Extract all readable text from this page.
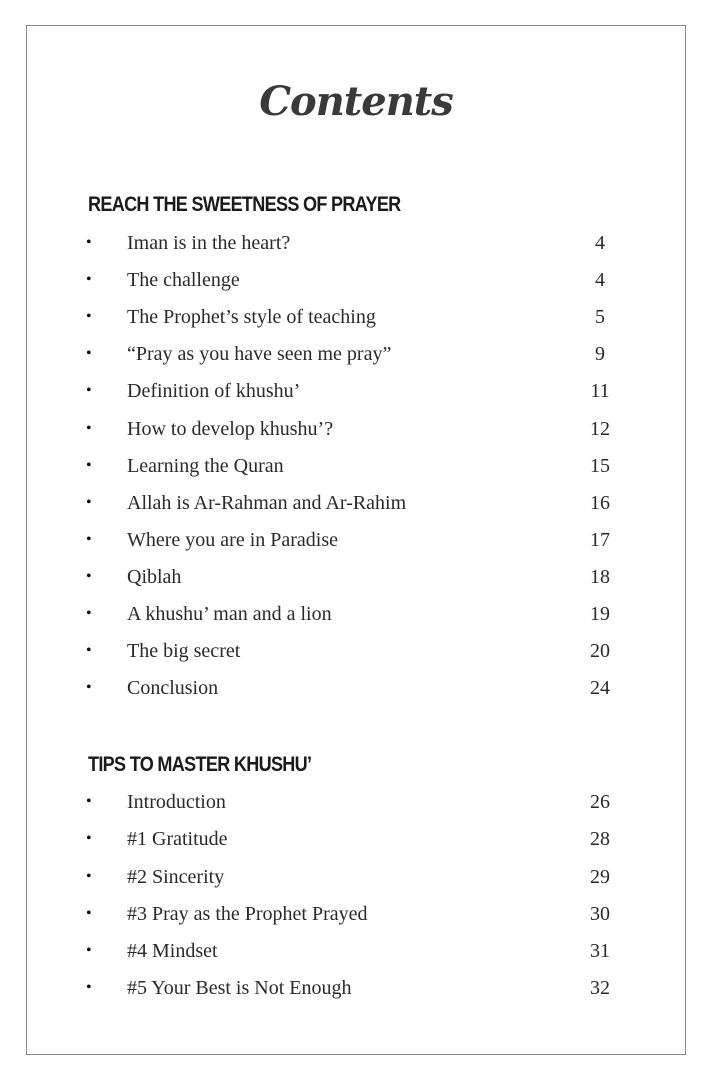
Contents
REACH THE SWEETNESS OF PRAYER
• Iman is in the heart?	4
• The challenge	4
• The Prophet’s style of teaching	5
• “Pray as you have seen me pray”	9
• Definition of khushu’	11
• How to develop khushu’?	12
• Learning the Quran	15
• Allah is Ar-Rahman and Ar-Rahim	16
• Where you are in Paradise	17
• Qiblah	18
• A khushu’ man and a lion	19
• The big secret	20
• Conclusion	24
TIPS TO MASTER KHUSHU’
• Introduction	26
• #1 Gratitude	28
• #2 Sincerity	29
• #3 Pray as the Prophet Prayed	30
• #4 Mindset	31
• #5 Your Best is Not Enough	32
